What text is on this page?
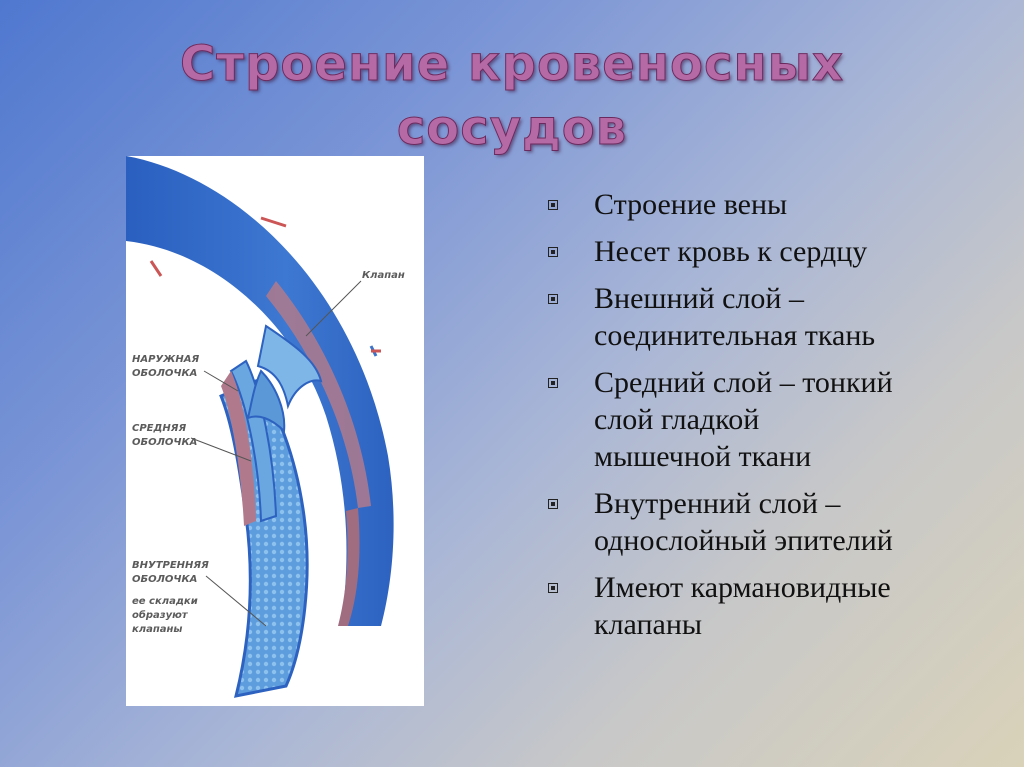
Строение кровеносных
сосудов
Клапан
НАРУЖНАЯ
ОБОЛОЧКА
СРЕДНЯЯ
ОБОЛОЧКА
ВНУТРЕННЯЯ
ОБОЛОЧКА
ее складки
образуют
клапаны
Строение вены
Несет кровь к сердцу
Внешний слой –
соединительная ткань
Средний слой – тонкий
слой гладкой
мышечной ткани
Внутренний слой –
однослойный эпителий
Имеют кармановидные
клапаны
